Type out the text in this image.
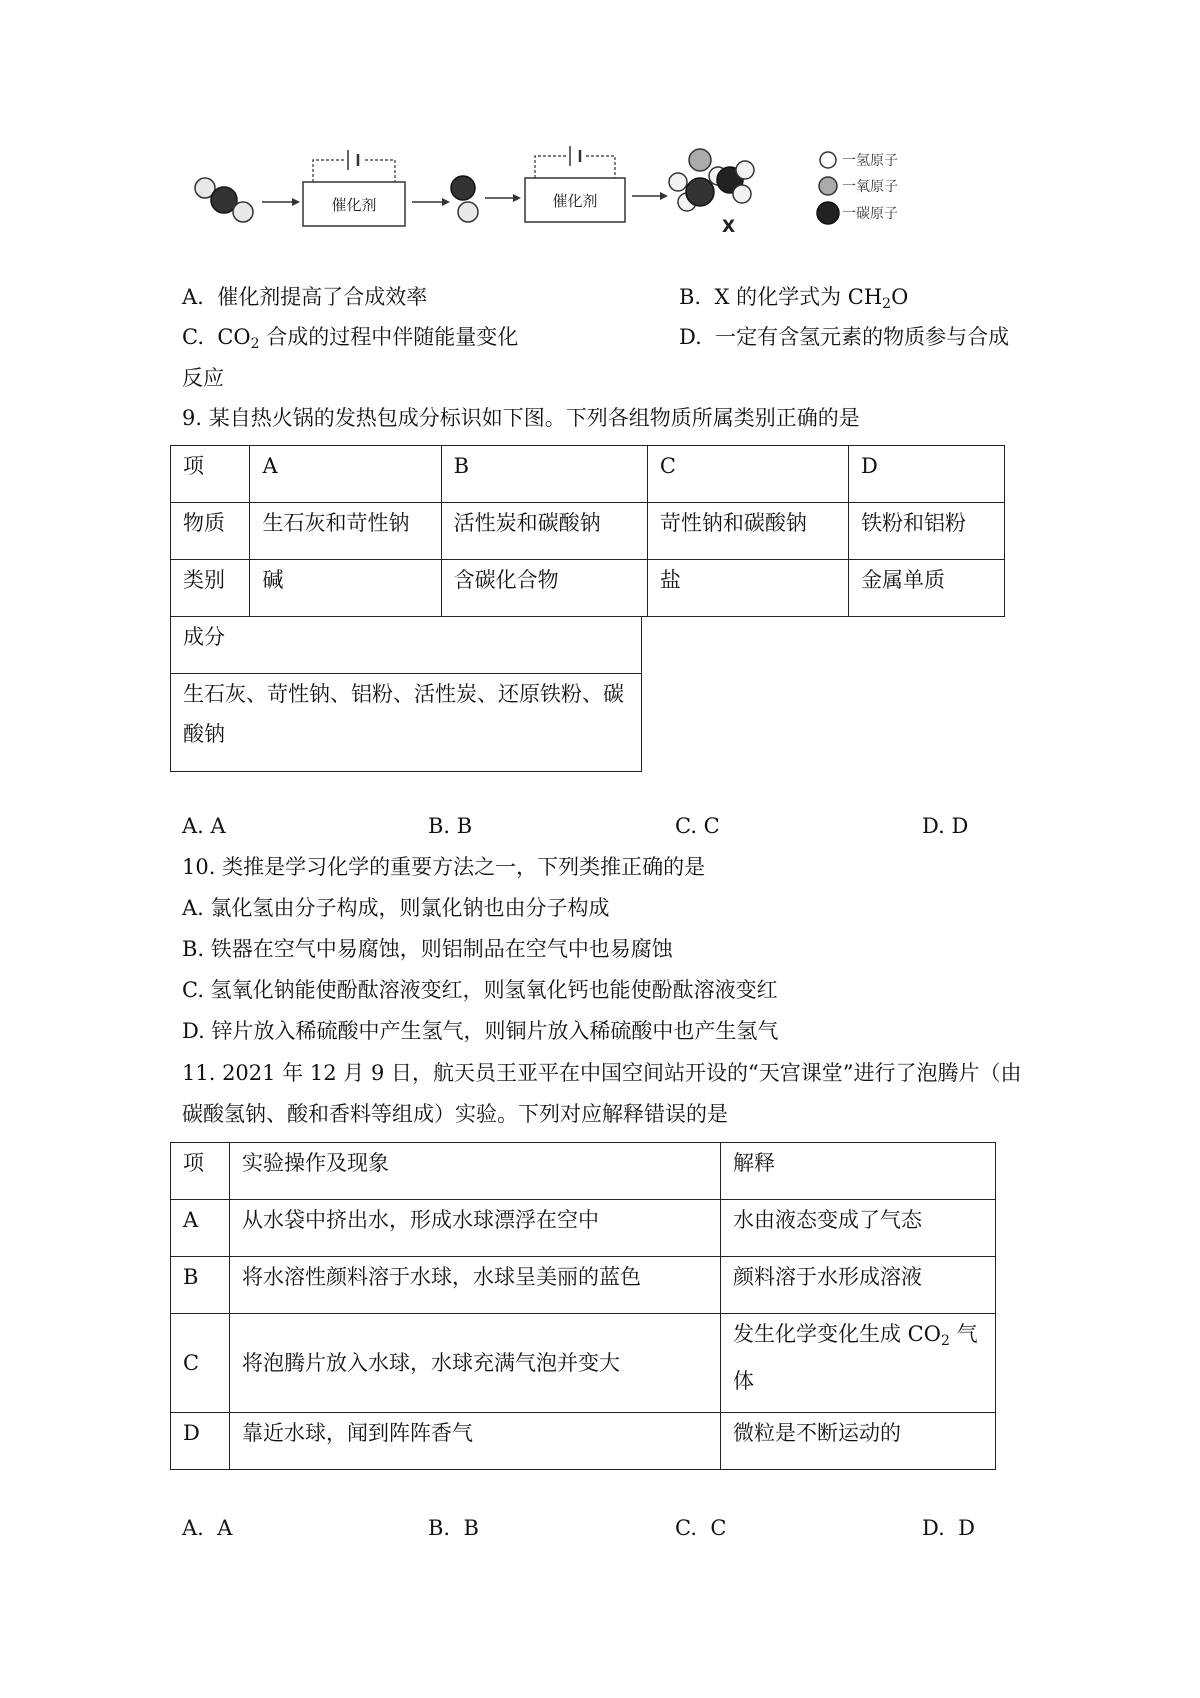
催化剂	催化剂
X
一氢原子
一氧原子
一碳原子
A. 催化剂提高了合成效率	B. X 的化学式为 $CH_2O$
C. $CO_2$ 合成的过程中伴随能量变化	D. 一定有含氢元素的物质参与合成
反应
9. 某自热火锅的发热包成分标识如下图。下列各组物质所属类别正确的是
项	A	B	C	D
物质	生石灰和苛性钠	活性炭和碳酸钠	苛性钠和碳酸钠	铁粉和铝粉
类别	碱	含碳化合物	盐	金属单质
成分

生石灰、苛性钠、铝粉、活性炭、还原铁粉、碳
酸钠
A. A	B. B	C. C	D. D
10. 类推是学习化学的重要方法之一，下列类推正确的是
A. 氯化氢由分子构成，则氯化钠也由分子构成
B. 铁器在空气中易腐蚀，则铝制品在空气中也易腐蚀
C. 氢氧化钠能使酚酞溶液变红，则氢氧化钙也能使酚酞溶液变红
D. 锌片放入稀硫酸中产生氢气，则铜片放入稀硫酸中也产生氢气
11. 2021 年 12 月 9 日，航天员王亚平在中国空间站开设的“天宫课堂”进行了泡腾片（由
碳酸氢钠、酸和香料等组成）实验。下列对应解释错误的是
项	实验操作及现象	解释
A	从水袋中挤出水，形成水球漂浮在空中	水由液态变成了气态
B	将水溶性颜料溶于水球，水球呈美丽的蓝色	颜料溶于水形成溶液
C	将泡腾片放入水球，水球充满气泡并变大	发生化学变化生成 $CO_2$ 气
体

D	靠近水球，闻到阵阵香气	微粒是不断运动的
A. A	B. B	C. C	D. D
